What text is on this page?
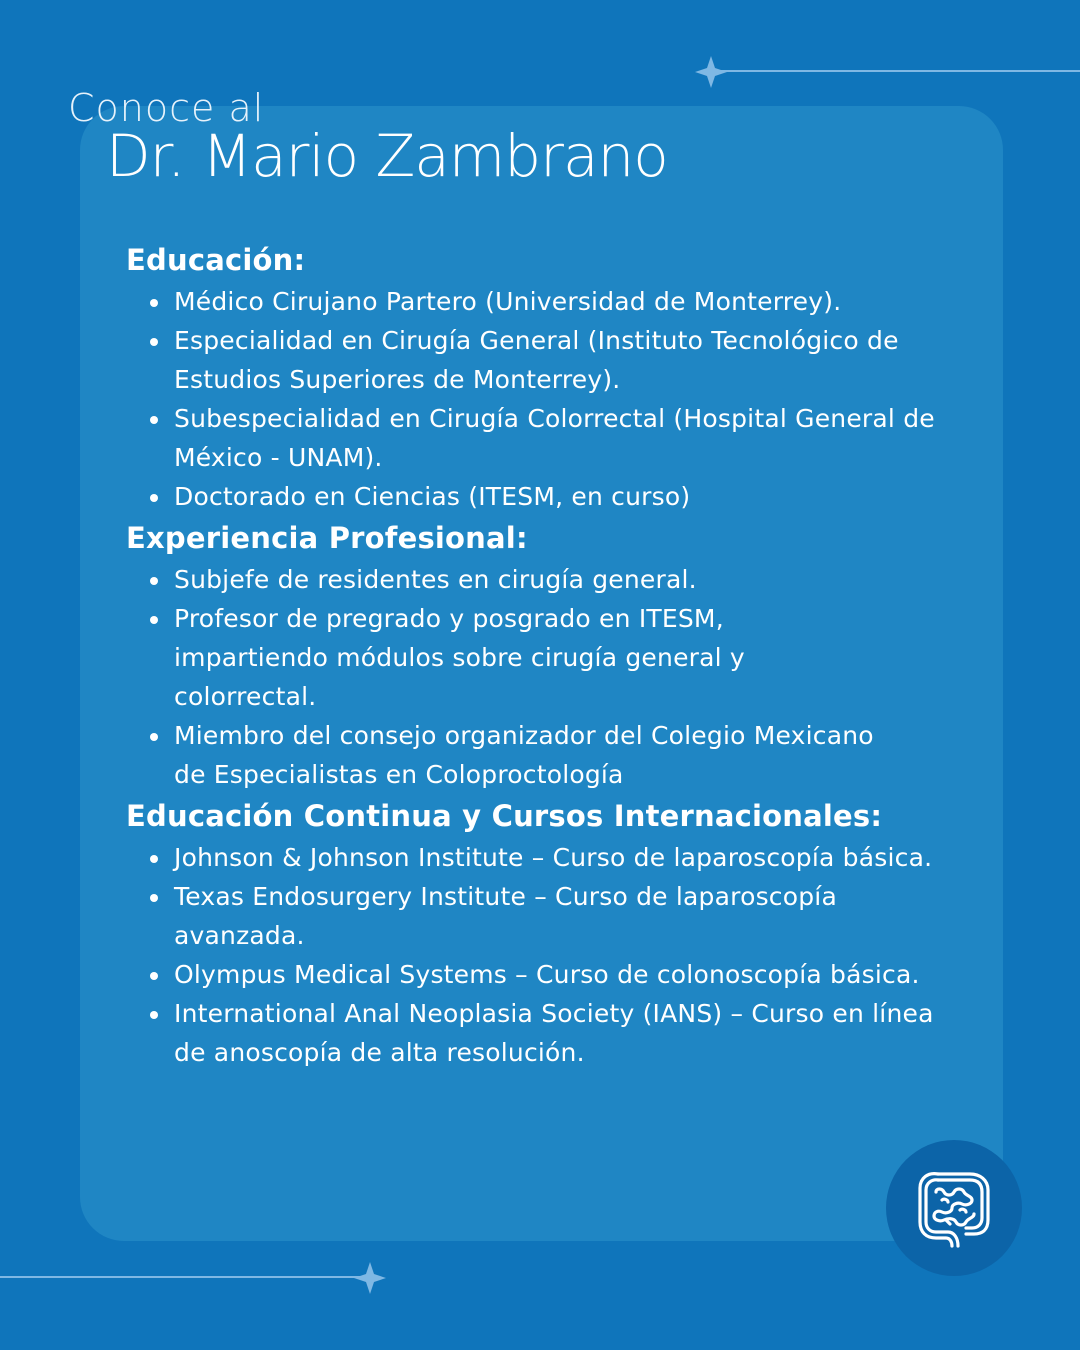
Conoce al

Dr. Mario Zambrano
Educación:
Médico Cirujano Partero (Universidad de Monterrey).
Especialidad en Cirugía General (Instituto Tecnológico de Estudios Superiores de Monterrey).
Subespecialidad en Cirugía Colorrectal (Hospital General de México - UNAM).
Doctorado en Ciencias (ITESM, en curso)
Experiencia Profesional:
Subjefe de residentes en cirugía general.
Profesor de pregrado y posgrado en ITESM, impartiendo módulos sobre cirugía general y colorrectal.
Miembro del consejo organizador del Colegio Mexicano de Especialistas en Coloproctología
Educación Continua y Cursos Internacionales:
Johnson & Johnson Institute – Curso de laparoscopía básica.
Texas Endosurgery Institute – Curso de laparoscopía avanzada.
Olympus Medical Systems – Curso de colonoscopía básica.
International Anal Neoplasia Society (IANS) – Curso en línea de anoscopía de alta resolución.
